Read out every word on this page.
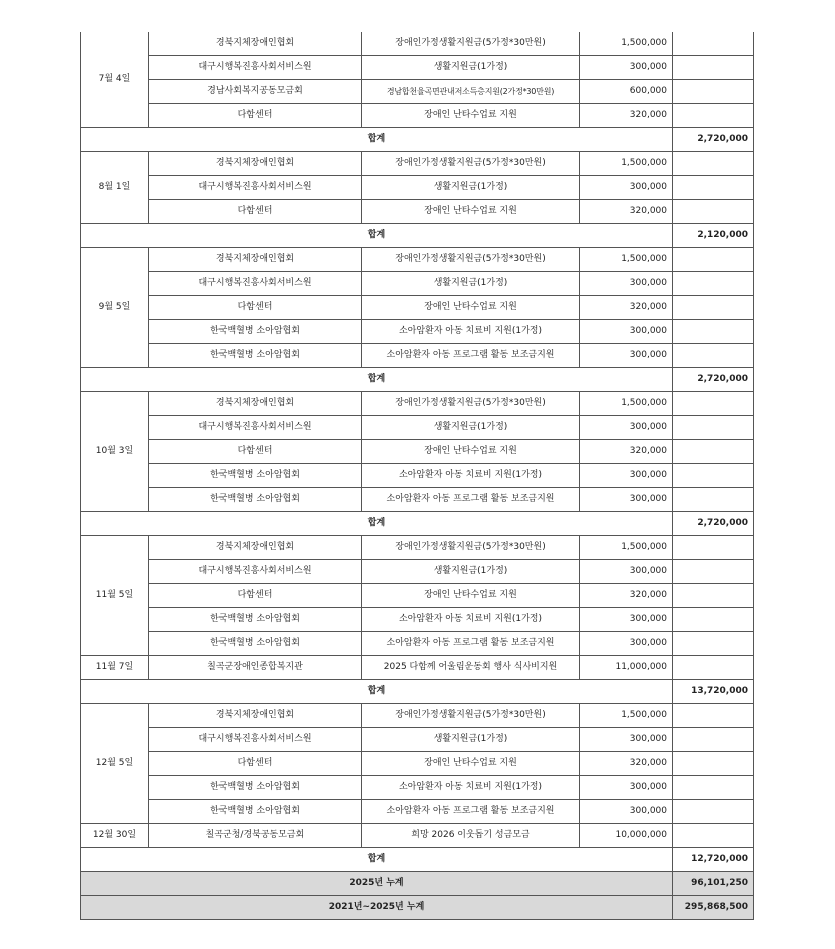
7월 4일	경북지체장애인협회	장애인가정생활지원금(5가정*30만원)	1,500,000	
	대구시행복진흥사회서비스원	생활지원금(1가정)	300,000	
	경남사회복지공동모금회	경남합천율곡면관내저소득층지원(2가정*30만원)	600,000	
	다함센터	장애인 난타수업료 지원	320,000	
합계				2,720,000
8월 1일	경북지체장애인협회	장애인가정생활지원금(5가정*30만원)	1,500,000	
	대구시행복진흥사회서비스원	생활지원금(1가정)	300,000	
	다함센터	장애인 난타수업료 지원	320,000	
합계				2,120,000
9월 5일	경북지체장애인협회	장애인가정생활지원금(5가정*30만원)	1,500,000	
	대구시행복진흥사회서비스원	생활지원금(1가정)	300,000	
	다함센터	장애인 난타수업료 지원	320,000	
	한국백혈병 소아암협회	소아암환자 아동 치료비 지원(1가정)	300,000	
	한국백혈병 소아암협회	소아암환자 아동 프로그램 활동 보조금지원	300,000	
합계				2,720,000
10월 3일	경북지체장애인협회	장애인가정생활지원금(5가정*30만원)	1,500,000	
	대구시행복진흥사회서비스원	생활지원금(1가정)	300,000	
	다함센터	장애인 난타수업료 지원	320,000	
	한국백혈병 소아암협회	소아암환자 아동 치료비 지원(1가정)	300,000	
	한국백혈병 소아암협회	소아암환자 아동 프로그램 활동 보조금지원	300,000	
합계				2,720,000
11월 5일	경북지체장애인협회	장애인가정생활지원금(5가정*30만원)	1,500,000	
	대구시행복진흥사회서비스원	생활지원금(1가정)	300,000	
	다함센터	장애인 난타수업료 지원	320,000	
	한국백혈병 소아암협회	소아암환자 아동 치료비 지원(1가정)	300,000	
	한국백혈병 소아암협회	소아암환자 아동 프로그램 활동 보조금지원	300,000	
11월 7일	칠곡군장애인종합복지관	2025 다함께 어울림운동회 행사 식사비지원	11,000,000	
합계				13,720,000
12월 5일	경북지체장애인협회	장애인가정생활지원금(5가정*30만원)	1,500,000	
	대구시행복진흥사회서비스원	생활지원금(1가정)	300,000	
	다함센터	장애인 난타수업료 지원	320,000	
	한국백혈병 소아암협회	소아암환자 아동 치료비 지원(1가정)	300,000	
	한국백혈병 소아암협회	소아암환자 아동 프로그램 활동 보조금지원	300,000	
12월 30일	칠곡군청/경북공동모금회	희망 2026 이웃돕기 성금모금	10,000,000	
합계				12,720,000
2025년 누계				96,101,250
2021년~2025년 누계				295,868,500
